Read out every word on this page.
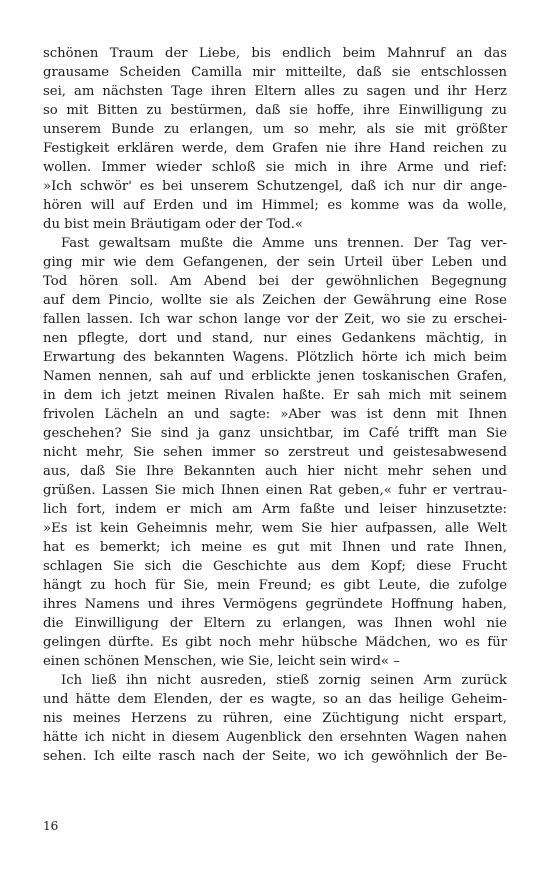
schönen Traum der Liebe, bis endlich beim Mahnruf an das
grausame Scheiden Camilla mir mitteilte, daß sie entschlossen
sei, am nächsten Tage ihren Eltern alles zu sagen und ihr Herz
so mit Bitten zu bestürmen, daß sie hoffe, ihre Einwilligung zu
unserem Bunde zu erlangen, um so mehr, als sie mit größter
Festigkeit erklären werde, dem Grafen nie ihre Hand reichen zu
wollen. Immer wieder schloß sie mich in ihre Arme und rief:
»Ich schwör' es bei unserem Schutzengel, daß ich nur dir ange-
hören will auf Erden und im Himmel; es komme was da wolle,
du bist mein Bräutigam oder der Tod.«
Fast gewaltsam mußte die Amme uns trennen. Der Tag ver-
ging mir wie dem Gefangenen, der sein Urteil über Leben und
Tod hören soll. Am Abend bei der gewöhnlichen Begegnung
auf dem Pincio, wollte sie als Zeichen der Gewährung eine Rose
fallen lassen. Ich war schon lange vor der Zeit, wo sie zu erschei-
nen pflegte, dort und stand, nur eines Gedankens mächtig, in
Erwartung des bekannten Wagens. Plötzlich hörte ich mich beim
Namen nennen, sah auf und erblickte jenen toskanischen Grafen,
in dem ich jetzt meinen Rivalen haßte. Er sah mich mit seinem
frivolen Lächeln an und sagte: »Aber was ist denn mit Ihnen
geschehen? Sie sind ja ganz unsichtbar, im Café trifft man Sie
nicht mehr, Sie sehen immer so zerstreut und geistesabwesend
aus, daß Sie Ihre Bekannten auch hier nicht mehr sehen und
grüßen. Lassen Sie mich Ihnen einen Rat geben,« fuhr er vertrau-
lich fort, indem er mich am Arm faßte und leiser hinzusetzte:
»Es ist kein Geheimnis mehr, wem Sie hier aufpassen, alle Welt
hat es bemerkt; ich meine es gut mit Ihnen und rate Ihnen,
schlagen Sie sich die Geschichte aus dem Kopf; diese Frucht
hängt zu hoch für Sie, mein Freund; es gibt Leute, die zufolge
ihres Namens und ihres Vermögens gegründete Hoffnung haben,
die Einwilligung der Eltern zu erlangen, was Ihnen wohl nie
gelingen dürfte. Es gibt noch mehr hübsche Mädchen, wo es für
einen schönen Menschen, wie Sie, leicht sein wird« –
Ich ließ ihn nicht ausreden, stieß zornig seinen Arm zurück
und hätte dem Elenden, der es wagte, so an das heilige Geheim-
nis meines Herzens zu rühren, eine Züchtigung nicht erspart,
hätte ich nicht in diesem Augenblick den ersehnten Wagen nahen
sehen. Ich eilte rasch nach der Seite, wo ich gewöhnlich der Be-
16
